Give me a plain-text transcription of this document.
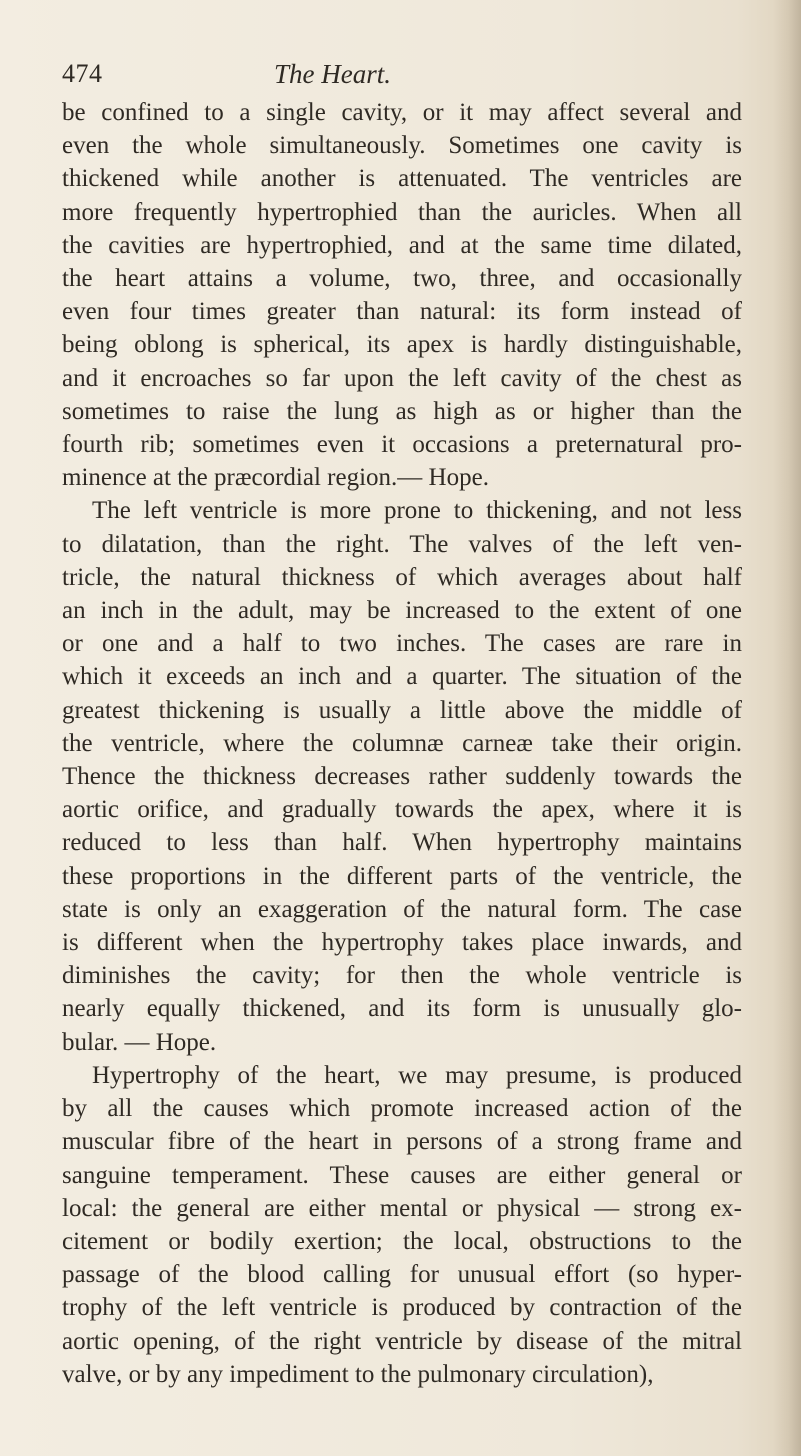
474	The Heart.
be confined to a single cavity, or it may affect several and
even the whole simultaneously. Sometimes one cavity is
thickened while another is attenuated. The ventricles are
more frequently hypertrophied than the auricles. When all
the cavities are hypertrophied, and at the same time dilated,
the heart attains a volume, two, three, and occasionally
even four times greater than natural: its form instead of
being oblong is spherical, its apex is hardly distinguishable,
and it encroaches so far upon the left cavity of the chest as
sometimes to raise the lung as high as or higher than the
fourth rib; sometimes even it occasions a preternatural pro-
minence at the præcordial region.— Hope.
The left ventricle is more prone to thickening, and not less
to dilatation, than the right. The valves of the left ven-
tricle, the natural thickness of which averages about half
an inch in the adult, may be increased to the extent of one
or one and a half to two inches. The cases are rare in
which it exceeds an inch and a quarter. The situation of the
greatest thickening is usually a little above the middle of
the ventricle, where the columnæ carneæ take their origin.
Thence the thickness decreases rather suddenly towards the
aortic orifice, and gradually towards the apex, where it is
reduced to less than half. When hypertrophy maintains
these proportions in the different parts of the ventricle, the
state is only an exaggeration of the natural form. The case
is different when the hypertrophy takes place inwards, and
diminishes the cavity; for then the whole ventricle is
nearly equally thickened, and its form is unusually glo-
bular. — Hope.
Hypertrophy of the heart, we may presume, is produced
by all the causes which promote increased action of the
muscular fibre of the heart in persons of a strong frame and
sanguine temperament. These causes are either general or
local: the general are either mental or physical — strong ex-
citement or bodily exertion; the local, obstructions to the
passage of the blood calling for unusual effort (so hyper-
trophy of the left ventricle is produced by contraction of the
aortic opening, of the right ventricle by disease of the mitral
valve, or by any impediment to the pulmonary circulation),
